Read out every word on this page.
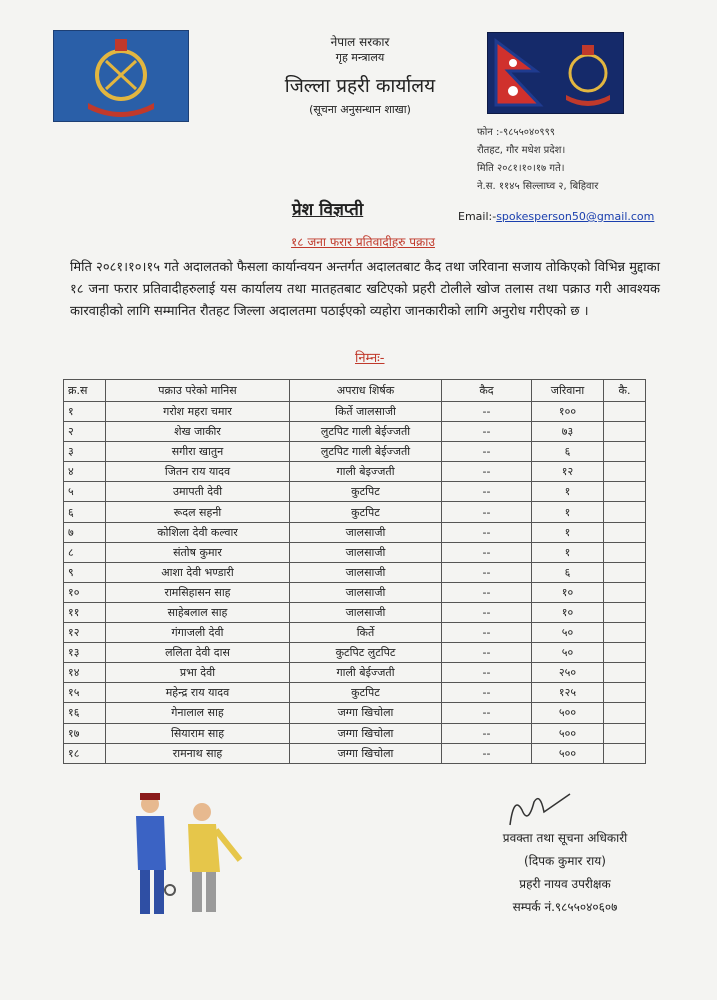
नेपाल सरकार
गृह मन्त्रालय
जिल्ला प्रहरी कार्यालय
(सूचना अनुसन्धान शाखा)
फोन :-९८५५०४०९९९
रौतहट, गौर मधेश प्रदेश।
मिति २०८१।१०।१७ गते।
ने.स. ११४५ सिल्लाघ्व २, बिहिवार
प्रेश विज्ञप्ती	Email:-spokesperson50@gmail.com
१८ जना फरार प्रतिवादीहरु पक्राउ
मिति २०८१।१०।१५ गते अदालतको फैसला कार्यान्वयन अन्तर्गत अदालतबाट कैद तथा जरिवाना सजाय तोकिएको विभिन्न मुद्दाका १८ जना फरार प्रतिवादीहरुलाई यस कार्यालय तथा मातहतबाट खटिएको प्रहरी टोलीले खोज तलास तथा पक्राउ गरी आवश्यक कारवाहीको लागि सम्मानित रौतहट जिल्ला अदालतमा पठाईएको व्यहोरा जानकारीको लागि अनुरोध गरीएको छ ।
निम्नः-
क्र.स	पक्राउ परेको मानिस	अपराध शिर्षक	कैद	जरिवाना	कै.
१	गरोश महरा चमार	किर्ते जालसाजी	--	१००	
२	शेख जाकीर	लुटपिट गाली बेईज्जती	--	७३	
३	सगीरा खातुन	लुटपिट गाली बेईज्जती	--	६	
४	जितन राय यादव	गाली बेइज्जती	--	१२	
५	उमापती देवी	कुटपिट	--	१	
६	रूदल सहनी	कुटपिट	--	१	
७	कोशिला देवी कल्वार	जालसाजी	--	१	
८	संतोष कुमार	जालसाजी	--	१	
९	आशा देवी भण्डारी	जालसाजी	--	६	
१०	रामसिहासन साह	जालसाजी	--	१०	
११	साहेबलाल साह	जालसाजी	--	१०	
१२	गंगाजली देवी	किर्ते	--	५०	
१३	ललिता देवी दास	कुटपिट लुटपिट	--	५०	
१४	प्रभा देवी	गाली बेईज्जती	--	२५०	
१५	महेन्द्र राय यादव	कुटपिट	--	१२५	
१६	गेनालाल साह	जग्गा खिचोला	--	५००	
१७	सियाराम साह	जग्गा खिचोला	--	५००	
१८	रामनाथ साह	जग्गा खिचोला	--	५००	
प्रवक्ता तथा सूचना अधिकारी
(दिपक कुमार राय)
प्रहरी नायव उपरीक्षक
सम्पर्क नं.९८५५०४०६०७
